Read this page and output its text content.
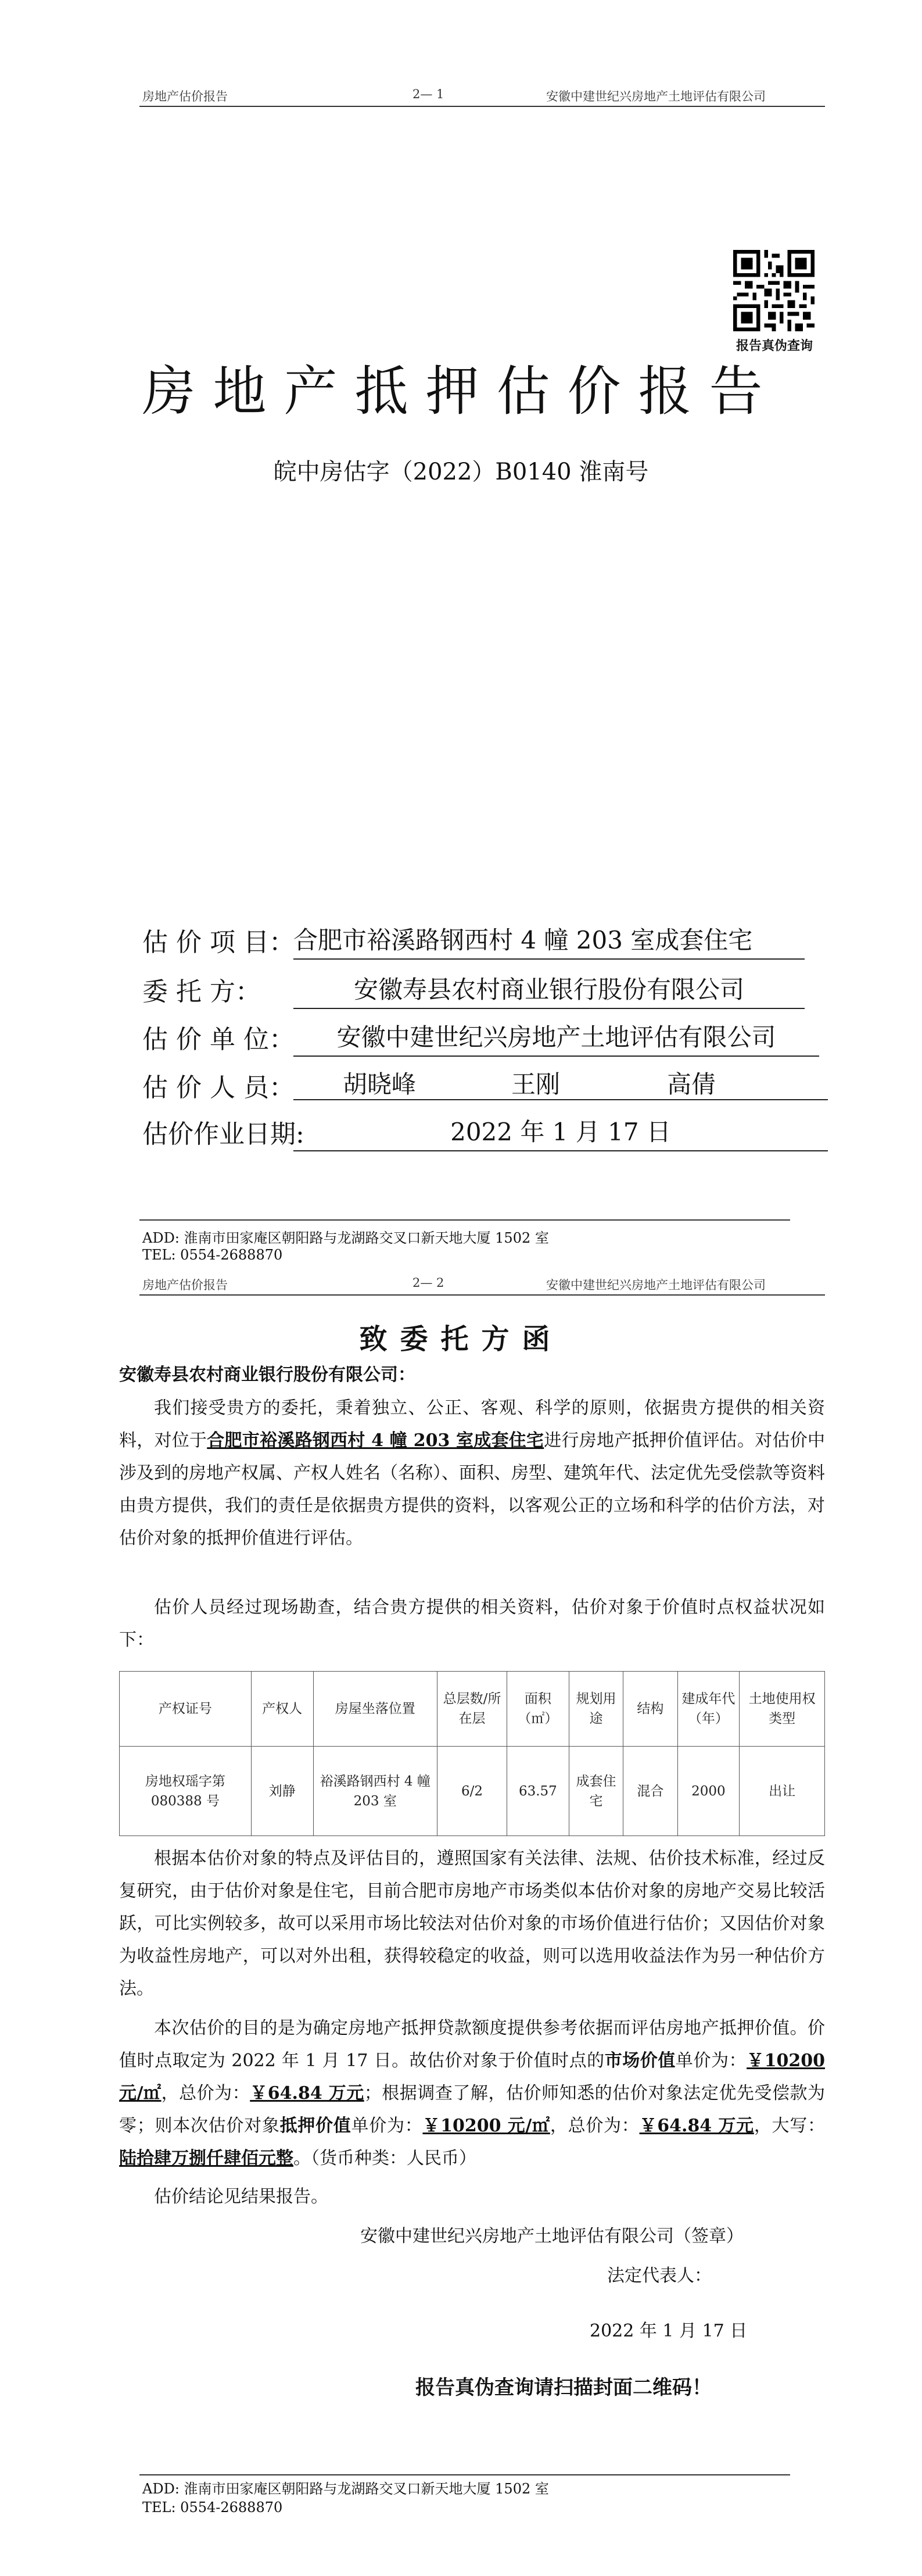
房地产估价报告	2— 1	安徽中建世纪兴房地产土地评估有限公司
报告真伪查询
房地产抵押估价报告
皖中房估字（2022）B0140 淮南号
估 价 项 目：
合肥市裕溪路钢西村 4 幢 203 室成套住宅
委 托 方：	安徽寿县农村商业银行股份有限公司
估 价 单 位：	安徽中建世纪兴房地产土地评估有限公司
估 价 人 员： 胡晓峰	王刚	高倩
估价作业日期:	2022 年 1 月 17 日
ADD: 淮南市田家庵区朝阳路与龙湖路交叉口新天地大厦 1502 室
TEL: 0554-2688870
房地产估价报告	2— 2	安徽中建世纪兴房地产土地评估有限公司
致委托方函
安徽寿县农村商业银行股份有限公司：
我们接受贵方的委托，秉着独立、公正、客观、科学的原则，依据贵方提供的相关资料，对位于合肥市裕溪路钢西村 4 幢 203 室成套住宅进行房地产抵押价值评估。对估价中涉及到的房地产权属、产权人姓名（名称）、面积、房型、建筑年代、法定优先受偿款等资料由贵方提供，我们的责任是依据贵方提供的资料，以客观公正的立场和科学的估价方法，对估价对象的抵押价值进行评估。
估价人员经过现场勘查，结合贵方提供的相关资料，估价对象于价值时点权益状况如下：
产权证号	产权人	房屋坐落位置	总层数/所在层	面积（㎡）	规划用途	结构	建成年代（年）	土地使用权类型
房地权瑶字第 080388 号	刘静	裕溪路钢西村 4 幢 203 室	6/2	63.57	成套住宅	混合	2000	出让
根据本估价对象的特点及评估目的，遵照国家有关法律、法规、估价技术标准，经过反复研究，由于估价对象是住宅，目前合肥市房地产市场类似本估价对象的房地产交易比较活跃，可比实例较多，故可以采用市场比较法对估价对象的市场价值进行估价；又因估价对象为收益性房地产，可以对外出租，获得较稳定的收益，则可以选用收益法作为另一种估价方法。
本次估价的目的是为确定房地产抵押贷款额度提供参考依据而评估房地产抵押价值。价值时点取定为 2022 年 1 月 17 日。故估价对象于价值时点的市场价值单价为：￥10200 元/㎡，总价为：￥64.84 万元；根据调查了解，估价师知悉的估价对象法定优先受偿款为零；则本次估价对象抵押价值单价为：￥10200 元/㎡，总价为：￥64.84 万元，大写：陆拾肆万捌仟肆佰元整。（货币种类：人民币）
估价结论见结果报告。
安徽中建世纪兴房地产土地评估有限公司（签章）
法定代表人：
2022 年 1 月 17 日
报告真伪查询请扫描封面二维码！
ADD: 淮南市田家庵区朝阳路与龙湖路交叉口新天地大厦 1502 室
TEL: 0554-2688870
